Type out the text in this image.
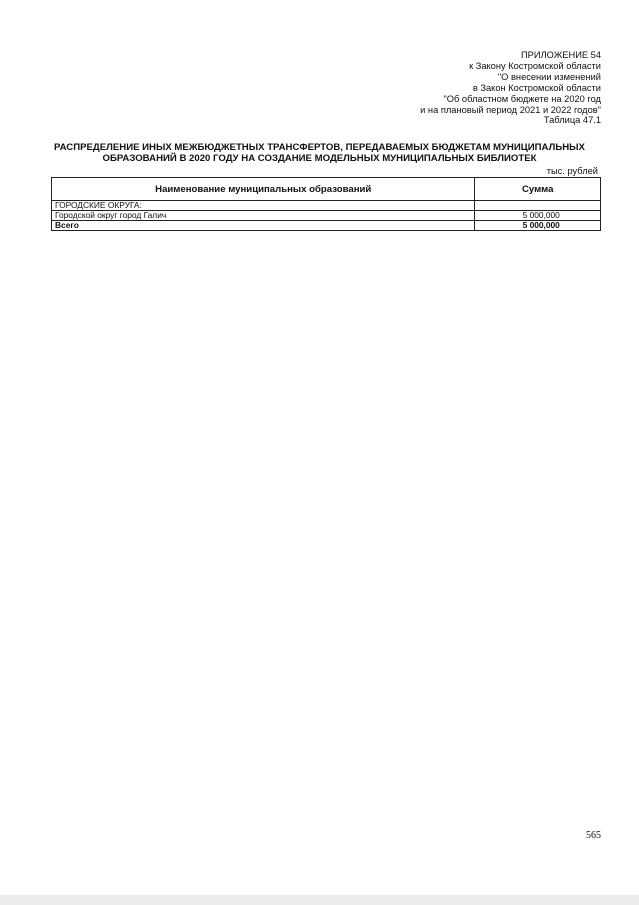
ПРИЛОЖЕНИЕ 54
к Закону Костромской области
"О внесении изменений
в Закон Костромской области
"Об областном бюджете на 2020 год
и на плановый период 2021 и 2022 годов"
Таблица 47.1
РАСПРЕДЕЛЕНИЕ ИНЫХ МЕЖБЮДЖЕТНЫХ ТРАНСФЕРТОВ, ПЕРЕДАВАЕМЫХ БЮДЖЕТАМ МУНИЦИПАЛЬНЫХ
ОБРАЗОВАНИЙ В 2020 ГОДУ НА СОЗДАНИЕ МОДЕЛЬНЫХ МУНИЦИПАЛЬНЫХ БИБЛИОТЕК
тыс. рублей
Наименование муниципальных образований	Сумма
ГОРОДСКИЕ ОКРУГА:	
Городской округ город Галич	5 000,000
Всего	5 000,000
565
